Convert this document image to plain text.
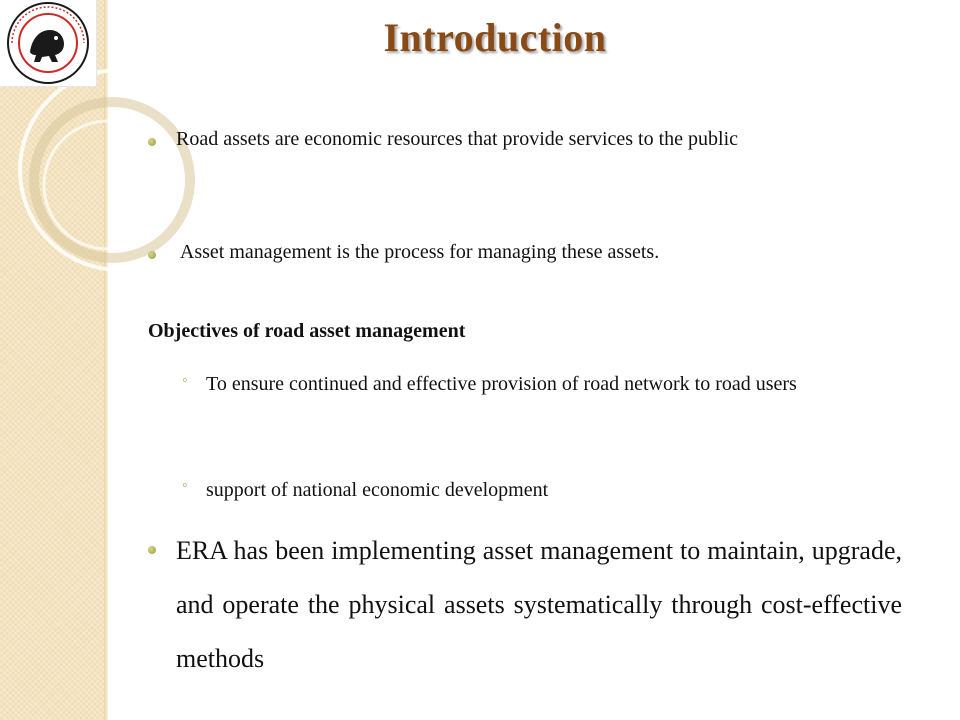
Introduction
Road assets are economic resources that provide services to the public
Asset management is the process for managing these assets.
Objectives of road asset management
◦ To ensure continued and effective provision of road network to road users
◦ support of national economic development
ERA has been implementing asset management to maintain, upgrade, and operate the physical assets systematically through cost-effective methods
